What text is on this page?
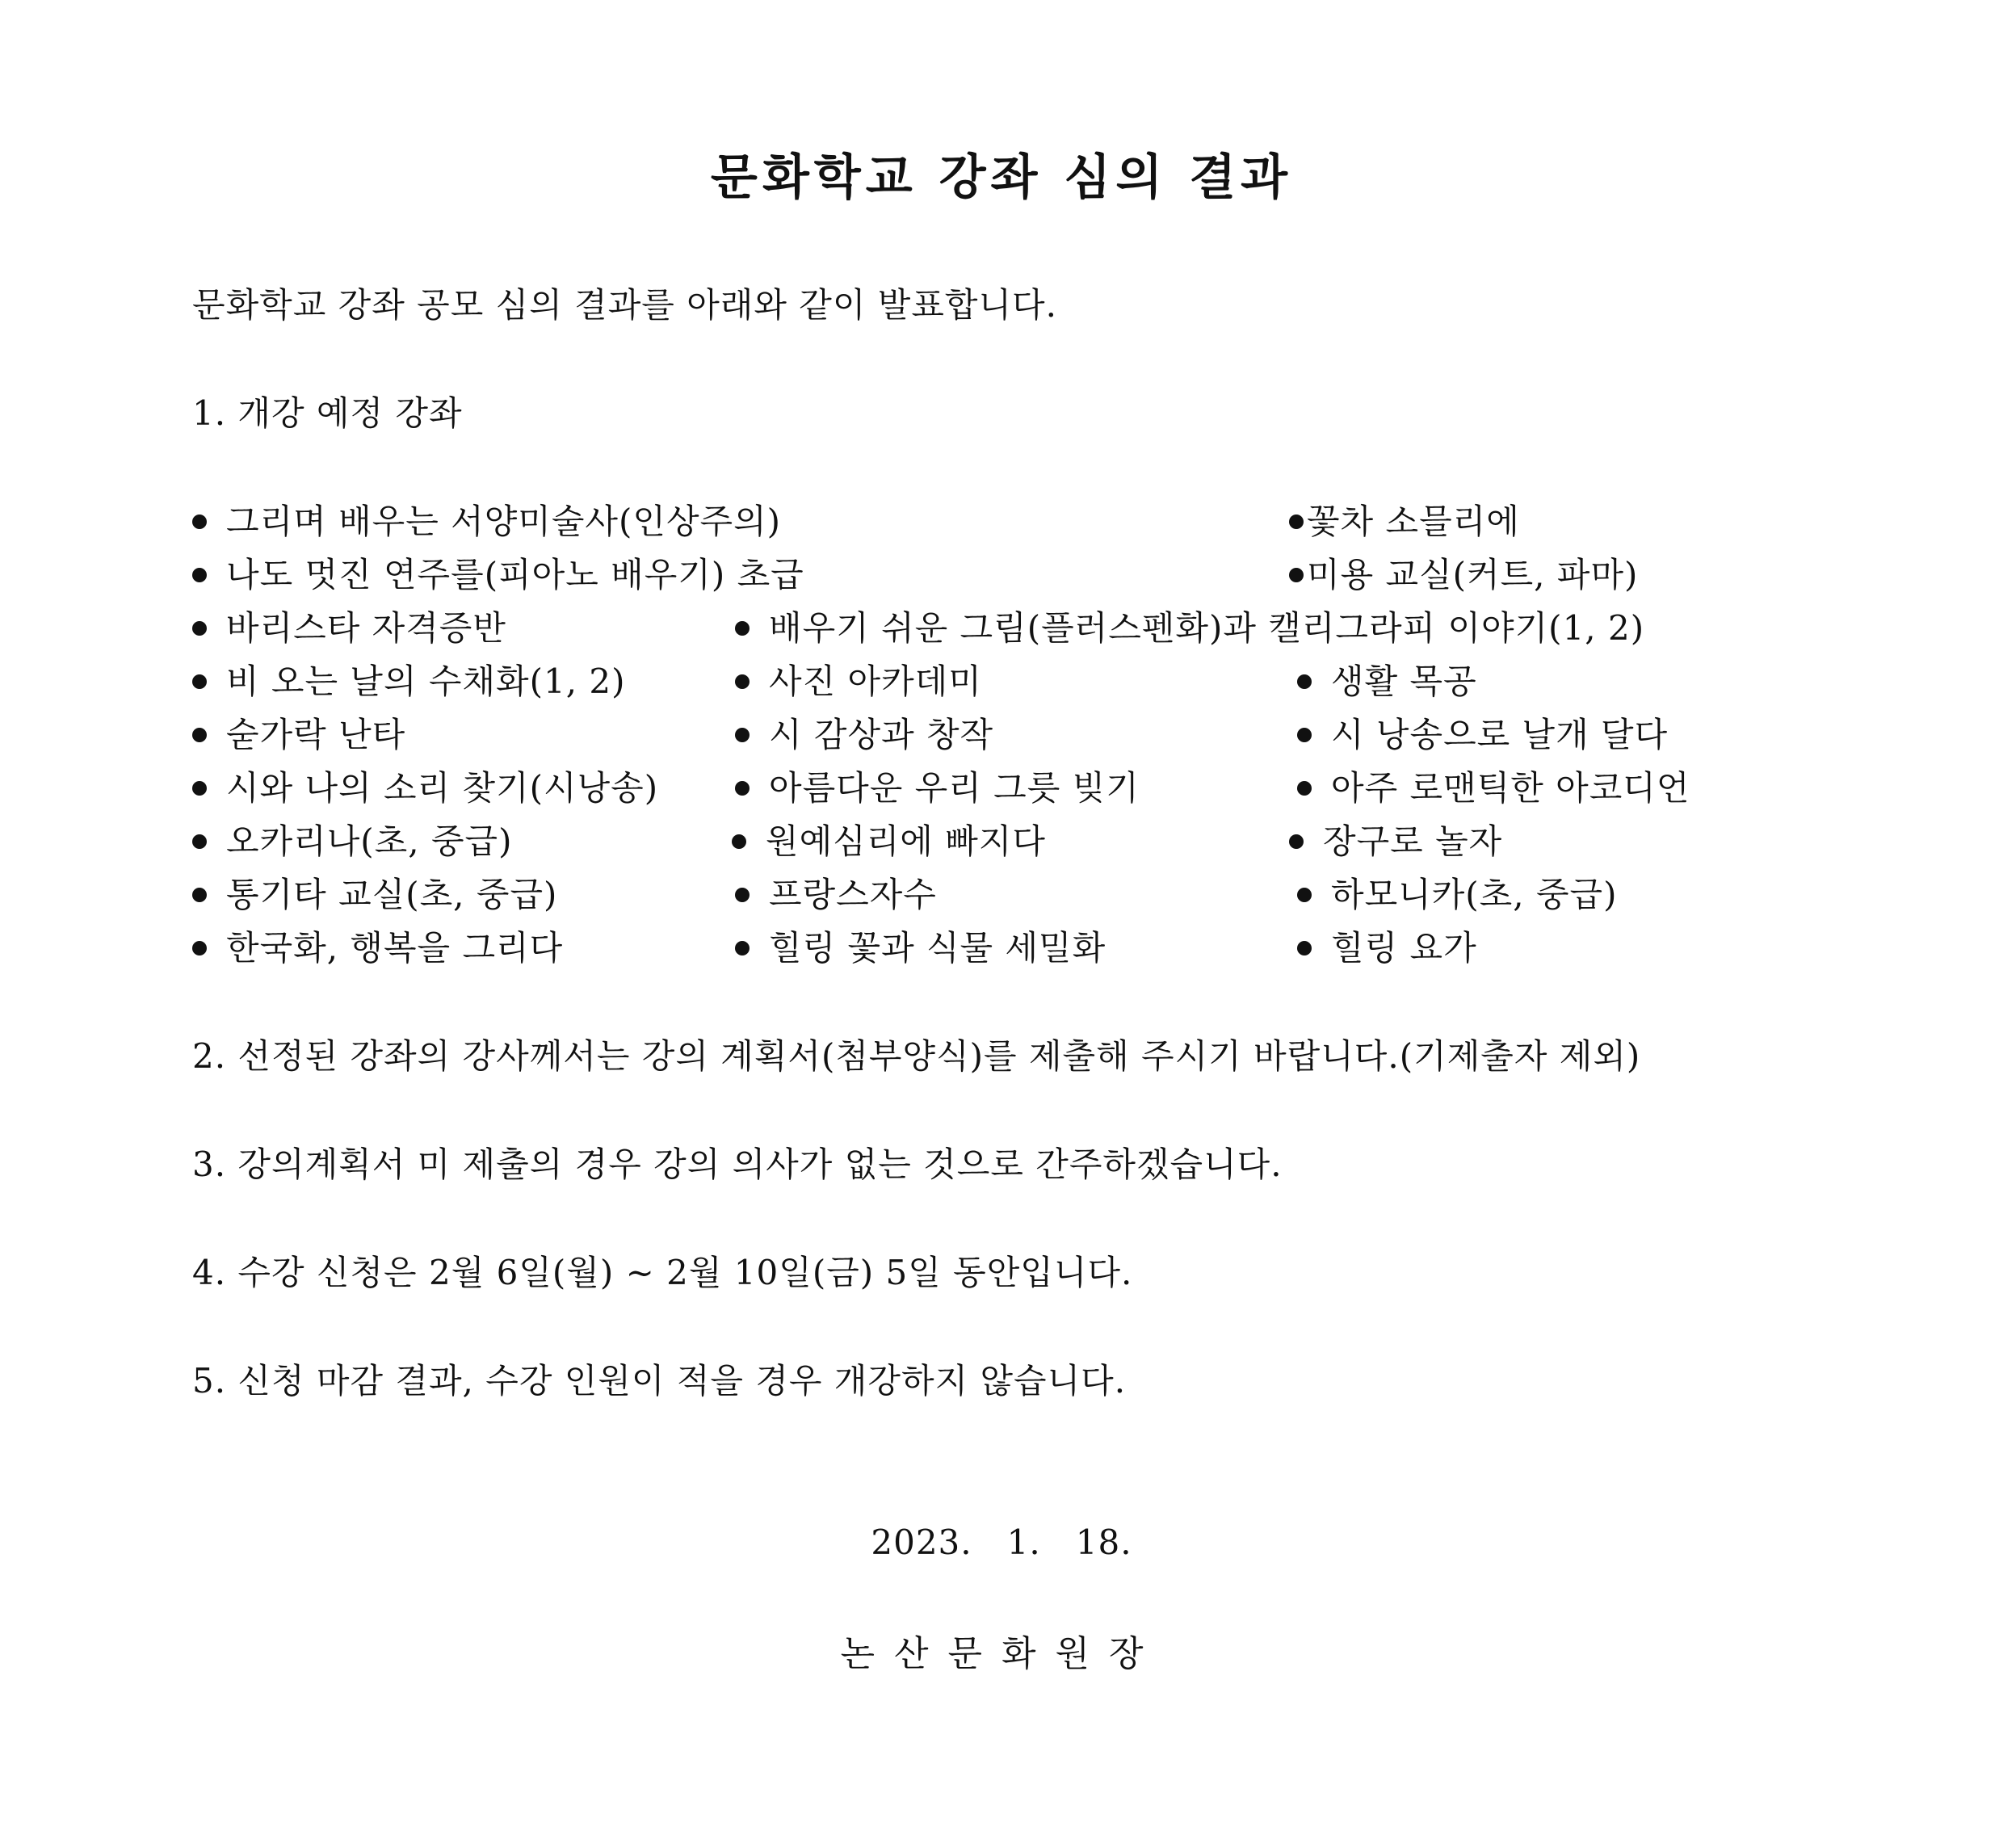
문화학교 강좌 심의 결과
문화학교 강좌 공모 심의 결과를 아래와 같이 발표합니다.
1. 개강 예정 강좌
그리며 배우는 서양미술사(인상주의)
나도 멋진 연주를(피아노 배우기) 초급
바리스타 자격증반
비 오는 날의 수채화(1, 2)
숟가락 난타
시와 나의 소리 찾기(시낭송)
오카리나(초, 중급)
통기타 교실(초, 중급)
한국화, 행복을 그리다
배우기 쉬운 그림(플러스펜화)과 캘리그라피 이야기(1, 2)
사진 아카데미
시 감상과 창작
아름다운 우리 그릇 빚기
원예심리에 빠지다
프랑스자수
힐링 꽃과 식물 세밀화
꽃차 소믈리에
미용 교실(커트, 파마)
생활 목공
시 낭송으로 날개 달다
아주 로맨틱한 아코디언
장구로 놀자
하모니카(초, 중급)
힐링 요가
2. 선정된 강좌의 강사께서는 강의 계획서(첨부양식)를 제출해 주시기 바랍니다.(기제출자 제외)
3. 강의계획서 미 제출의 경우 강의 의사가 없는 것으로 간주하겠습니다.
4. 수강 신청은 2월 6일(월) ~ 2월 10일(금) 5일 동안입니다.
5. 신청 마감 결과, 수강 인원이 적을 경우 개강하지 않습니다.
2023.   1.   18.
논산문화원장
